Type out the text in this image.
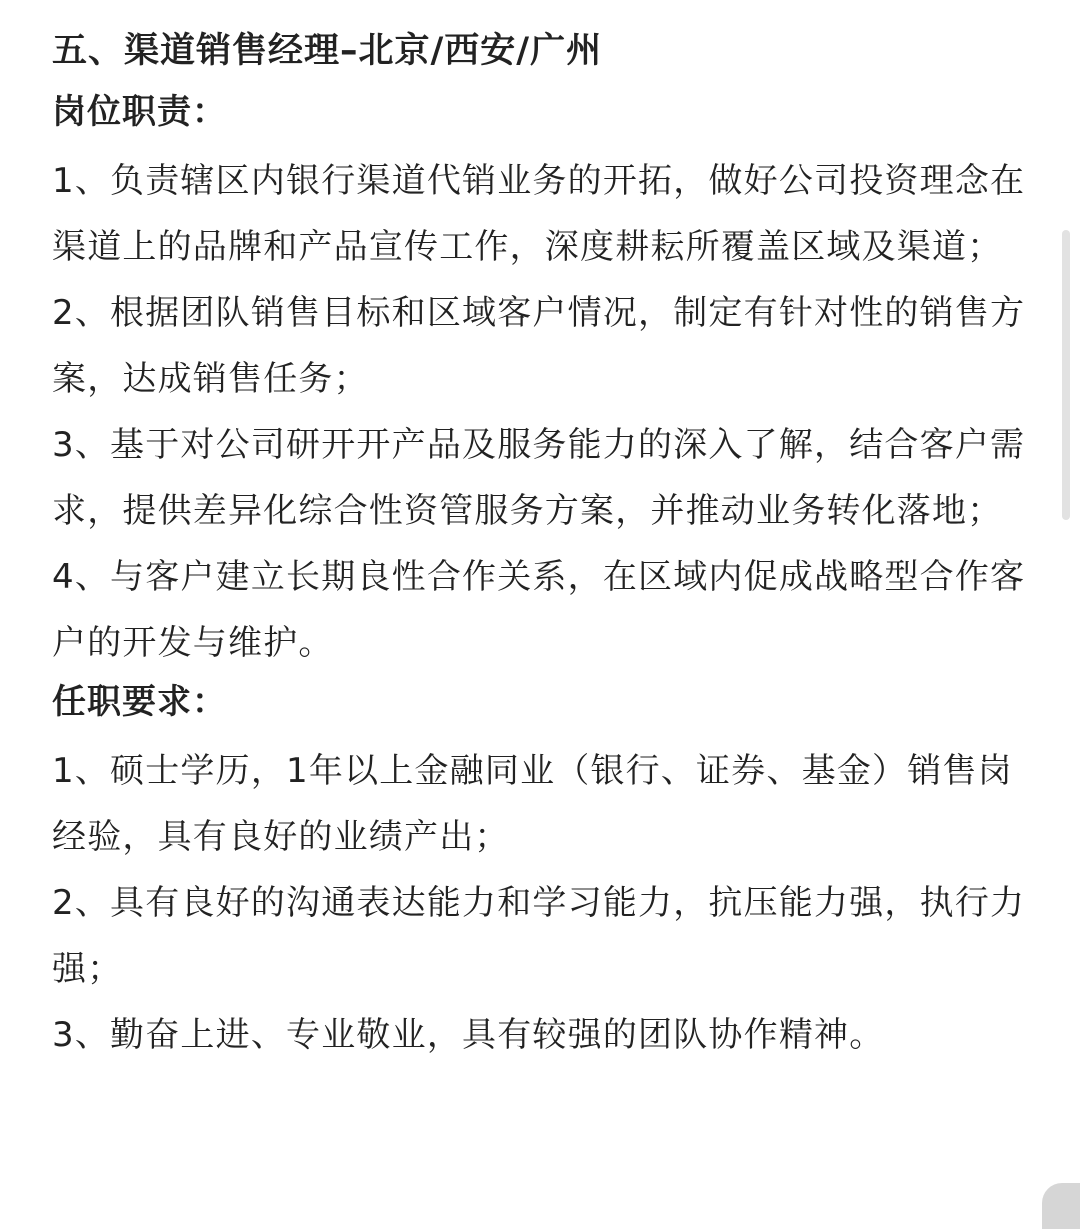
五、渠道销售经理–北京/西安/广州
岗位职责：

1、负责辖区内银行渠道代销业务的开拓，做好公司投资理念在渠道上的品牌和产品宣传工作，深度耕耘所覆盖区域及渠道；

2、根据团队销售目标和区域客户情况，制定有针对性的销售方案，达成销售任务；

3、基于对公司研开开产品及服务能力的深入了解，结合客户需求，提供差异化综合性资管服务方案，并推动业务转化落地；

4、与客户建立长期良性合作关系，在区域内促成战略型合作客户的开发与维护。

任职要求：

1、硕士学历，1年以上金融同业（银行、证券、基金）销售岗经验，具有良好的业绩产出；

2、具有良好的沟通表达能力和学习能力，抗压能力强，执行力强；

3、勤奋上进、专业敬业，具有较强的团队协作精神。
